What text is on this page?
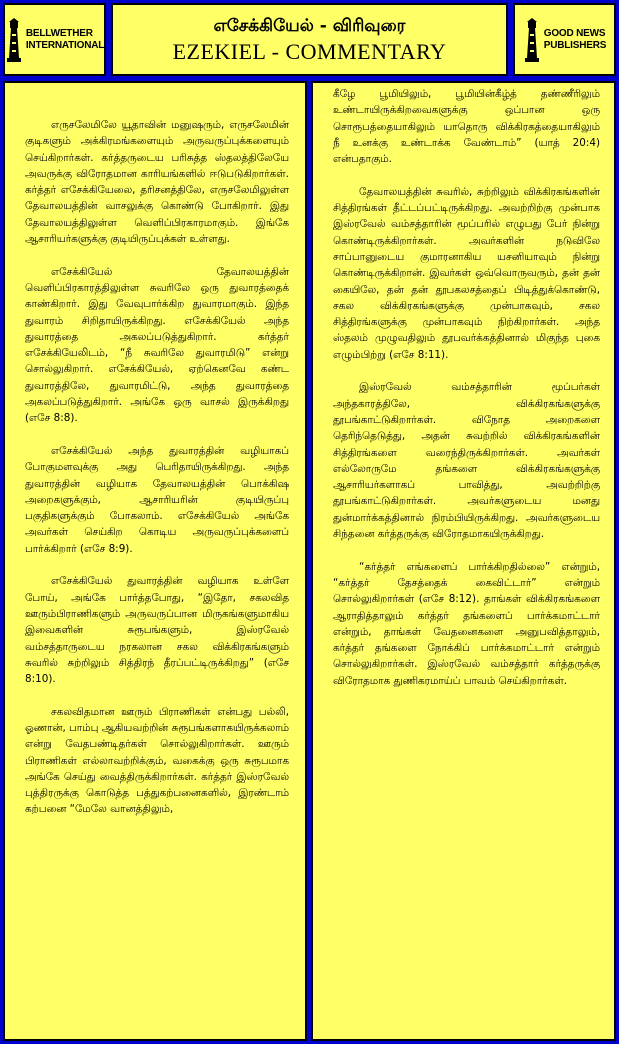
BELLWETHER
INTERNATIONAL
எசேக்கியேல் - விரிவுரை
EZEKIEL - COMMENTARY
GOOD NEWS
PUBLISHERS

எருசலேமிலே யூதாவின் மனுஷரும், எருசலேமின் குடிகளும் அக்கிரமங்களையும் அருவருப்புக்களையும் செய்கிறார்கள். கர்த்தருடைய பரிசுத்த ஸ்தலத்திலேயே அவருக்கு விரோதமான காரியங்களில் ஈடுபடுகிறார்கள். கர்த்தர் எசேக்கியேலை, தரிசனத்திலே, எருசலேமிலுள்ள தேவாலயத்தின் வாசலுக்கு கொண்டு போகிறார். இது தேவாலயத்திலுள்ள வெளிப்பிரகாரமாகும். இங்கே ஆசாரியர்களுக்கு குடியிருப்புக்கள் உள்ளது.

எசேக்கியேல் தேவாலயத்தின் வெளிப்பிரகாரத்திலுள்ள சுவரிலே ஒரு துவாரத்தைக் காண்கிறார். இது வேவுபார்க்கிற துவாரமாகும். இந்த துவாரம் சிறிதாயிருக்கிறது. எசேக்கியேல் அந்த துவாரத்தை அகலப்படுத்துகிறார். கர்த்தர் எசேக்கியேலிடம், “நீ சுவரிலே துவாரமிடு” என்று சொல்லுகிறார். எசேக்கியேல், ஏற்கெனவே கண்ட துவாரத்திலே, துவாரமிட்டு, அந்த துவாரத்தை அகலப்படுத்துகிறார். அங்கே ஒரு வாசல் இருக்கிறது (எசே 8:8).

எசேக்கியேல் அந்த துவாரத்தின் வழியாகப் போகுமளவுக்கு அது பெரிதாயிருக்கிறது. அந்த துவாரத்தின் வழியாக தேவாலயத்தின் பொக்கிஷ அறைகளுக்கும், ஆசாரியரின் குடியிருப்பு பகுதிகளுக்கும் போகலாம். எசேக்கியேல் அங்கே அவர்கள் செய்கிற கொடிய அருவருப்புக்களைப் பார்க்கிறார் (எசே 8:9).

எசேக்கியேல் துவாரத்தின் வழியாக உள்ளே போய், அங்கே பார்த்தபோது, “இதோ, சகலவித ஊரும்பிராணிகளும் அருவருப்பான மிருகங்களுமாகிய இவைகளின் சுரூபங்களும், இஸ்ரவேல் வம்சத்தாருடைய நரகலான சகல விக்கிரகங்களும் சுவரில் சுற்றிலும் சித்திரந் தீரப்பட்டிருக்கிறது” (எசே 8:10).

சகலவிதமான ஊரும் பிராணிகள் என்பது பல்லி, ஓணான், பாம்பு ஆகியவற்றின் சுரூபங்களாகயிருக்கலாம் என்று வேதபண்டிதர்கள் சொல்லுகிறார்கள். ஊரும் பிராணிகள் எல்லாவற்றிக்கும், வகைக்கு ஒரு சுரூபமாக அங்கே செய்து வைத்திருக்கிறார்கள். கர்த்தர் இஸ்ரவேல் புத்திரருக்கு கொடுத்த பத்துகற்பனைகளில், இரண்டாம் கற்பனை “மேலே வானத்திலும்,

கீழே பூமியிலும், பூமியின்கீழ்த் தண்ணீரிலும் உண்டாயிருக்கிறவைகளுக்கு ஒப்பான ஒரு சொரூபத்தையாகிலும் யாதொரு விக்கிரகத்தையாகிலும் நீ உனக்கு உண்டாக்க வேண்டாம்” (யாத் 20:4) என்பதாகும்.

தேவாலயத்தின் சுவரில், சுற்றிலும் விக்கிரகங்களின் சித்திரங்கள் தீட்டப்பட்டிருக்கிறது. அவற்றிற்கு முன்பாக இஸ்ரவேல் வம்சத்தாரின் மூப்பரில் எழுபது பேர் நின்று கொண்டிருக்கிறார்கள். அவர்களின் நடுவிலே சாப்பானுடைய குமாரனாகிய யசனியாவும் நின்று கொண்டிருக்கிறான். இவர்கள் ஒவ்வொருவரும், தன் தன் கையிலே, தன் தன் தூபகலசத்தைப் பிடித்துக்கொண்டு, சகல விக்கிரகங்களுக்கு முன்பாகவும், சகல சித்திரங்களுக்கு முன்பாகவும் நிற்கிறார்கள். அந்த ஸ்தலம் முழுவதிலும் தூபவர்க்கத்தினால் மிகுந்த புகை எழும்பிற்று (எசே 8:11).

இஸ்ரவேல் வம்சத்தாரின் மூப்பர்கள் அந்தகாரத்திலே, விக்கிரகங்களுக்கு தூபங்காட்டுகிறார்கள். விநோத அறைகளை தெரிந்தெடுத்து, அதன் சுவற்றில் விக்கிரகங்களின் சித்திரங்களை வரைந்திருக்கிறார்கள். அவர்கள் எல்லோருமே தங்களை விக்கிரகங்களுக்கு ஆசாரியர்களாகப் பாவித்து, அவற்றிற்கு தூபங்காட்டுகிறார்கள். அவர்களுடைய மனது துன்மார்க்கத்தினால் நிரம்பியிருக்கிறது. அவர்களுடைய சிந்தனை கர்த்தருக்கு விரோதமாகயிருக்கிறது.

“கர்த்தர் எங்களைப் பார்க்கிறதில்லை” என்றும், “கர்த்தர் தேசத்தைக் கைவிட்டார்” என்றும் சொல்லுகிறார்கள் (எசே 8:12). தாங்கள் விக்கிரகங்களை ஆராதித்தாலும் கர்த்தர் தங்களைப் பார்க்கமாட்டார் என்றும், தாங்கள் வேதனைகளை அனுபவித்தாலும், கர்த்தர் தங்களை நோக்கிப் பார்க்கமாட்டார் என்றும் சொல்லுகிறார்கள். இஸ்ரவேல் வம்சத்தார் கர்த்தருக்கு விரோதமாக துணிகரமாய்ப் பாவம் செய்கிறார்கள்.
